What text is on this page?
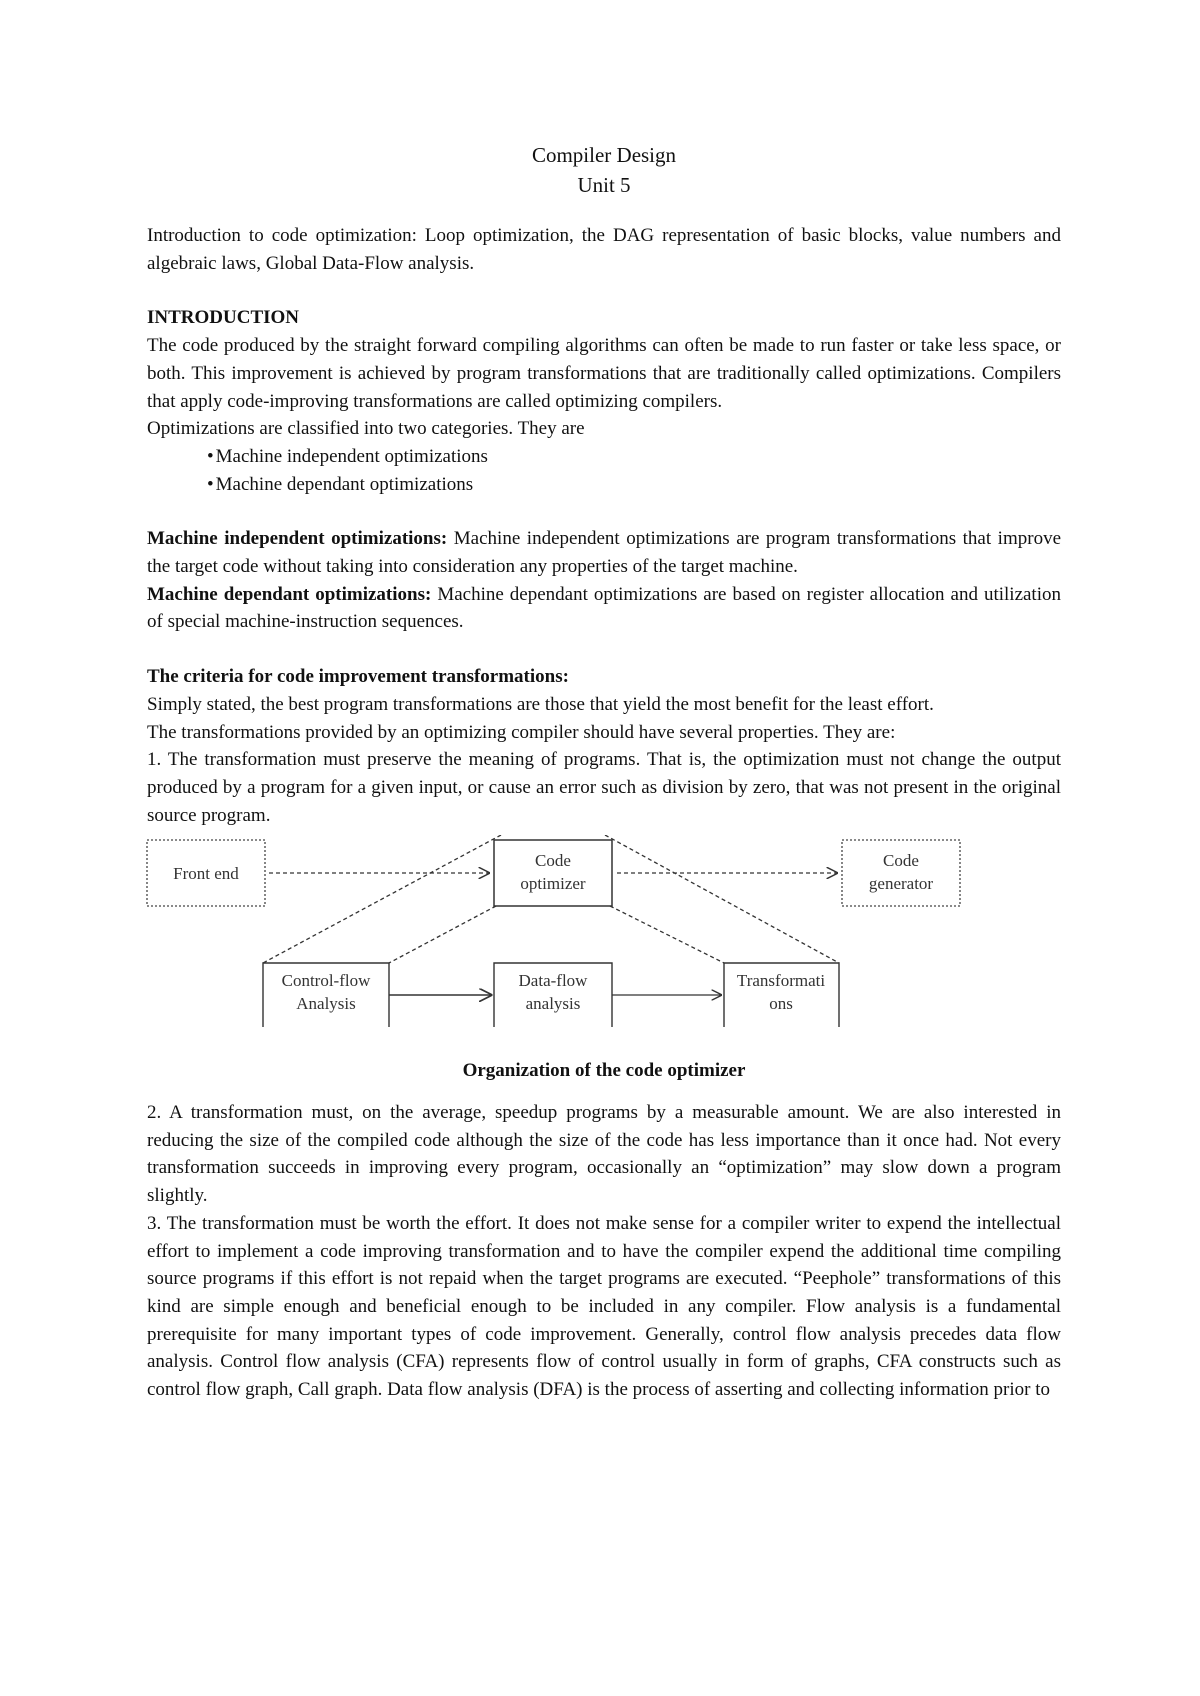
Compiler Design
Unit 5

Introduction to code optimization: Loop optimization, the DAG representation of basic blocks, value numbers and algebraic laws, Global Data-Flow analysis.

INTRODUCTION

The code produced by the straight forward compiling algorithms can often be made to run faster or take less space, or both. This improvement is achieved by program transformations that are traditionally called optimizations. Compilers that apply code-improving transformations are called optimizing compilers.

Optimizations are classified into two categories. They are

• Machine independent optimizations
• Machine dependant optimizations

Machine independent optimizations: Machine independent optimizations are program transformations that improve the target code without taking into consideration any properties of the target machine.

Machine dependant optimizations: Machine dependant optimizations are based on register allocation and utilization of special machine-instruction sequences.

The criteria for code improvement transformations:

Simply stated, the best program transformations are those that yield the most benefit for the least effort.

The transformations provided by an optimizing compiler should have several properties. They are:

1. The transformation must preserve the meaning of programs. That is, the optimization must not change the output produced by a program for a given input, or cause an error such as division by zero, that was not present in the original source program.

Front end
Code
optimizer
Code
generator
Control-flow
Analysis
Data-flow
analysis
Transformati
ons
Organization of the code optimizer

2. A transformation must, on the average, speedup programs by a measurable amount. We are also interested in reducing the size of the compiled code although the size of the code has less importance than it once had. Not every transformation succeeds in improving every program, occasionally an “optimization” may slow down a program slightly.

3. The transformation must be worth the effort. It does not make sense for a compiler writer to expend the intellectual effort to implement a code improving transformation and to have the compiler expend the additional time compiling source programs if this effort is not repaid when the target programs are executed. “Peephole” transformations of this kind are simple enough and beneficial enough to be included in any compiler. Flow analysis is a fundamental prerequisite for many important types of code improvement. Generally, control flow analysis precedes data flow analysis. Control flow analysis (CFA) represents flow of control usually in form of graphs, CFA constructs such as control flow graph, Call graph. Data flow analysis (DFA) is the process of asserting and collecting information prior to
